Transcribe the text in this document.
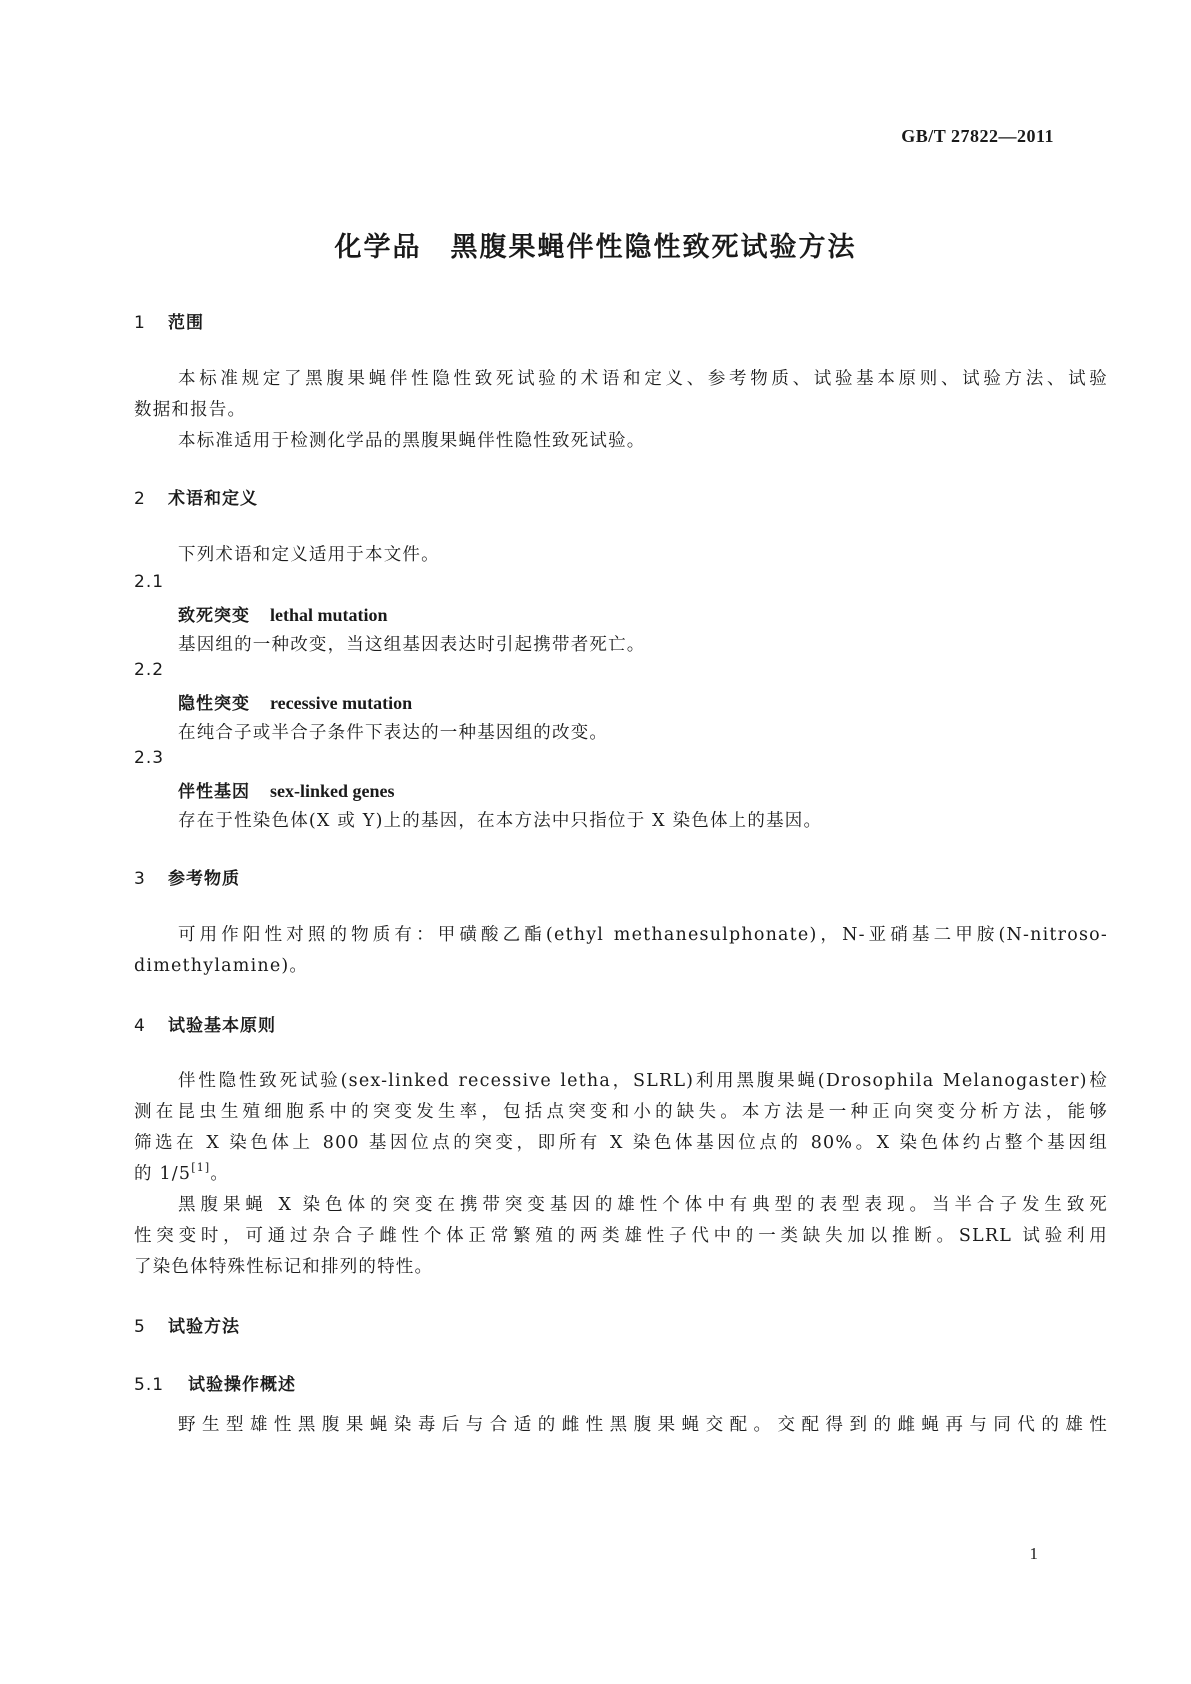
GB/T 27822—2011
化学品　黑腹果蝇伴性隐性致死试验方法
1 范围
本标准规定了黑腹果蝇伴性隐性致死试验的术语和定义、参考物质、试验基本原则、试验方法、试验
数据和报告。
本标准适用于检测化学品的黑腹果蝇伴性隐性致死试验。
2 术语和定义
下列术语和定义适用于本文件。
2.1
致死突变 lethal mutation
基因组的一种改变，当这组基因表达时引起携带者死亡。
2.2
隐性突变 recessive mutation
在纯合子或半合子条件下表达的一种基因组的改变。
2.3
伴性基因 sex-linked genes
存在于性染色体(X 或 Y)上的基因，在本方法中只指位于 X 染色体上的基因。
3 参考物质
可用作阳性对照的物质有：甲磺酸乙酯(ethyl methanesulphonate)，N-亚硝基二甲胺(N-nitroso-
dimethylamine)。
4 试验基本原则
伴性隐性致死试验(sex-linked recessive letha，SLRL)利用黑腹果蝇(Drosophila Melanogaster)检
测在昆虫生殖细胞系中的突变发生率，包括点突变和小的缺失。本方法是一种正向突变分析方法，能够
筛选在 X 染色体上 800 基因位点的突变，即所有 X 染色体基因位点的 80%。X 染色体约占整个基因组
的 1/5[1]。
黑腹果蝇 X 染色体的突变在携带突变基因的雄性个体中有典型的表型表现。当半合子发生致死
性突变时，可通过杂合子雌性个体正常繁殖的两类雄性子代中的一类缺失加以推断。SLRL 试验利用
了染色体特殊性标记和排列的特性。
5 试验方法
5.1 试验操作概述
野生型雄性黑腹果蝇染毒后与合适的雌性黑腹果蝇交配。交配得到的雌蝇再与同代的雄性
1
